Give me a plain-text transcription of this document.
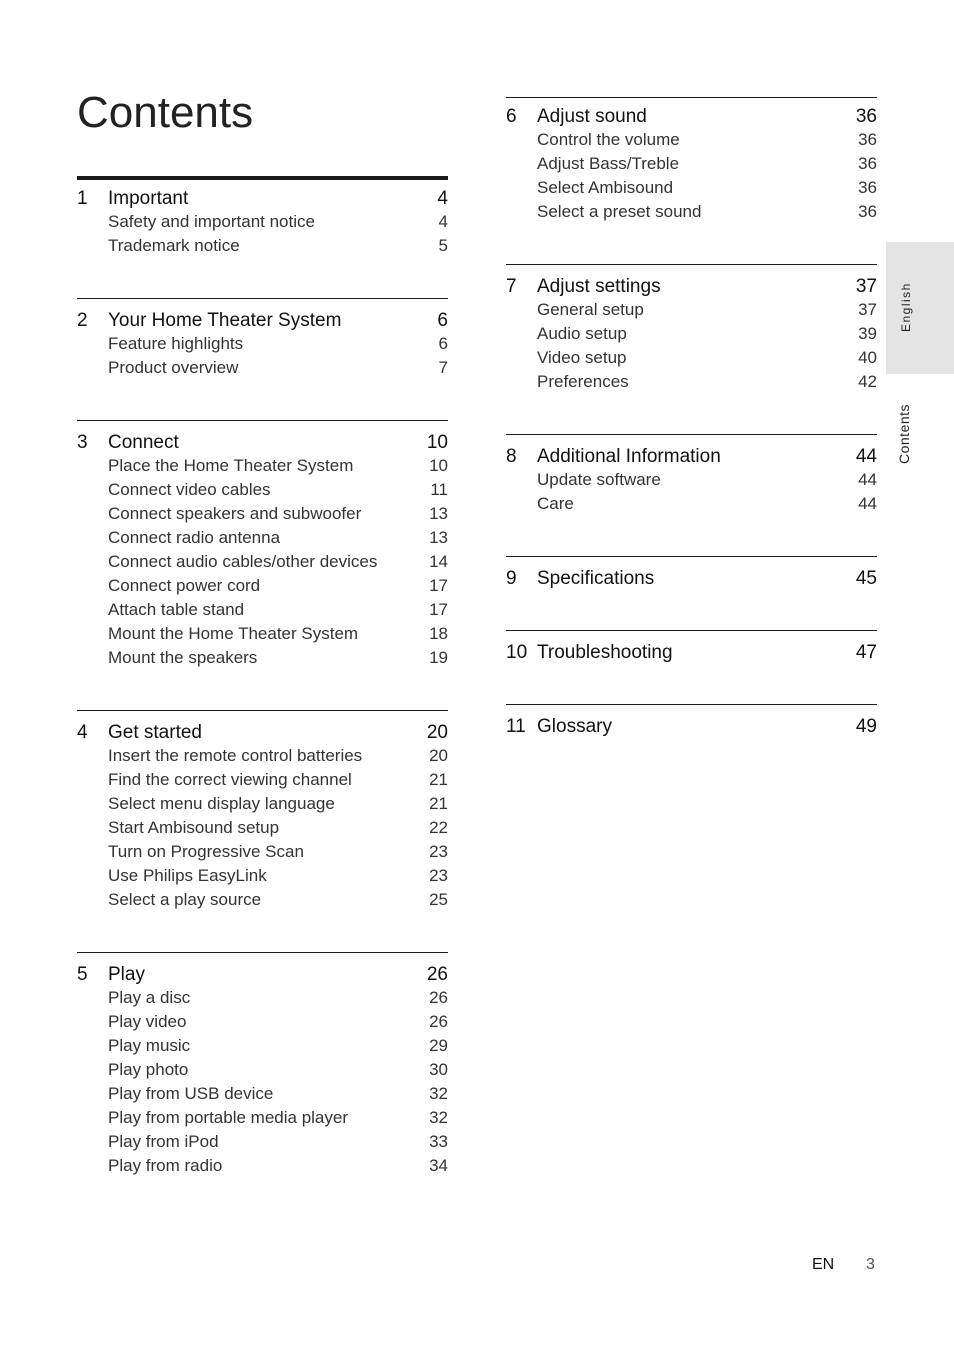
Contents
1	Important	4
Safety and important notice	4
Trademark notice	5
2	Your Home Theater System	6
Feature highlights	6
Product overview	7
3	Connect	10
Place the Home Theater System	10
Connect video cables	11
Connect speakers and subwoofer	13
Connect radio antenna	13
Connect audio cables/other devices	14
Connect power cord	17
Attach table stand	17
Mount the Home Theater System	18
Mount the speakers	19
4	Get started	20
Insert the remote control batteries	20
Find the correct viewing channel	21
Select menu display language	21
Start Ambisound setup	22
Turn on Progressive Scan	23
Use Philips EasyLink	23
Select a play source	25
5	Play	26
Play a disc	26
Play video	26
Play music	29
Play photo	30
Play from USB device	32
Play from portable media player	32
Play from iPod	33
Play from radio	34
6	Adjust sound	36
Control the volume	36
Adjust Bass/Treble	36
Select Ambisound	36
Select a preset sound	36
7	Adjust settings	37
General setup	37
Audio setup	39
Video setup	40
Preferences	42
8	Additional Information	44
Update software	44
Care	44
9	Specifications	45
10 Troubleshooting	47
11 Glossary	49
English
Contents
EN 3
